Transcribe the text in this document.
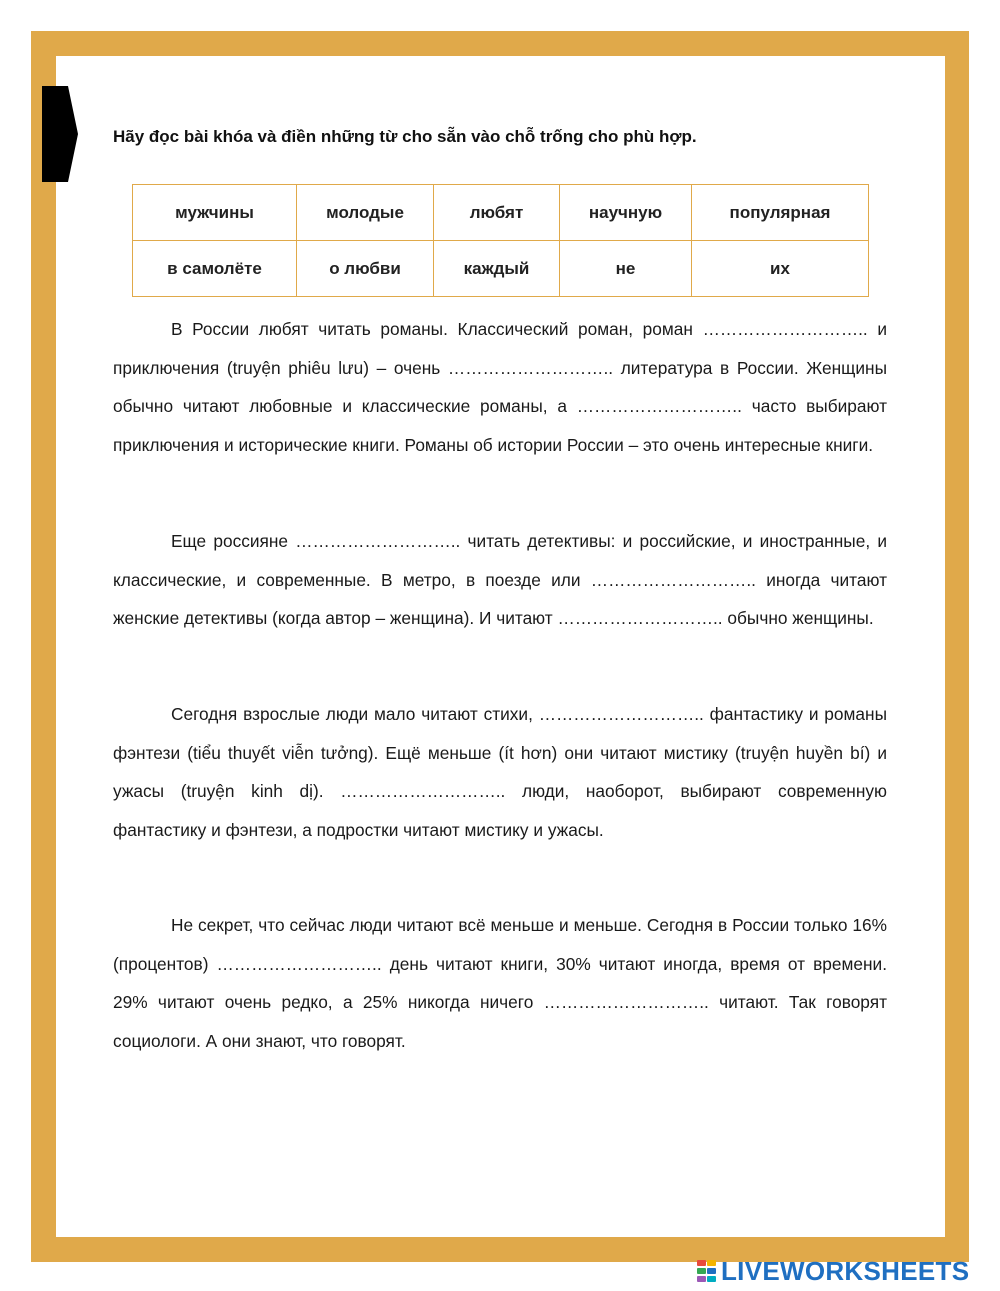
Hãy đọc bài khóa và điền những từ cho sẵn vào chỗ trống cho phù hợp.
мужчины	молодые	любят	научную	популярная
в самолёте	о любви	каждый	не	их

В России любят читать романы. Классический роман, роман ……………………….. и приключения (truyện phiêu lưu) – очень ……………………….. литература в России. Женщины обычно читают любовные и классические романы, а ……………………….. часто выбирают приключения и исторические книги. Романы об истории России – это очень интересные книги.

Еще россияне ……………………….. читать детективы: и российские, и иностранные, и классические, и современные. В метро, в поезде или ……………………….. иногда читают женские детективы (когда автор – женщина). И читают ……………………….. обычно женщины.

Сегодня взрослые люди мало читают стихи, ……………………….. фантастику и романы фэнтези (tiểu thuyết viễn tưởng). Ещё меньше (ít hơn) они читают мистику (truyện huyền bí) и ужасы (truyện kinh dị). ……………………….. люди, наоборот, выбирают современную фантастику и фэнтези, а подростки читают мистику и ужасы.

Не секрет, что сейчас люди читают всё меньше и меньше. Сегодня в России только 16% (процентов) ……………………….. день читают книги, 30% читают иногда, время от времени. 29% читают очень редко, а 25% никогда ничего ……………………….. читают. Так говорят социологи. А они знают, что говорят.

LIVEWORKSHEETS
